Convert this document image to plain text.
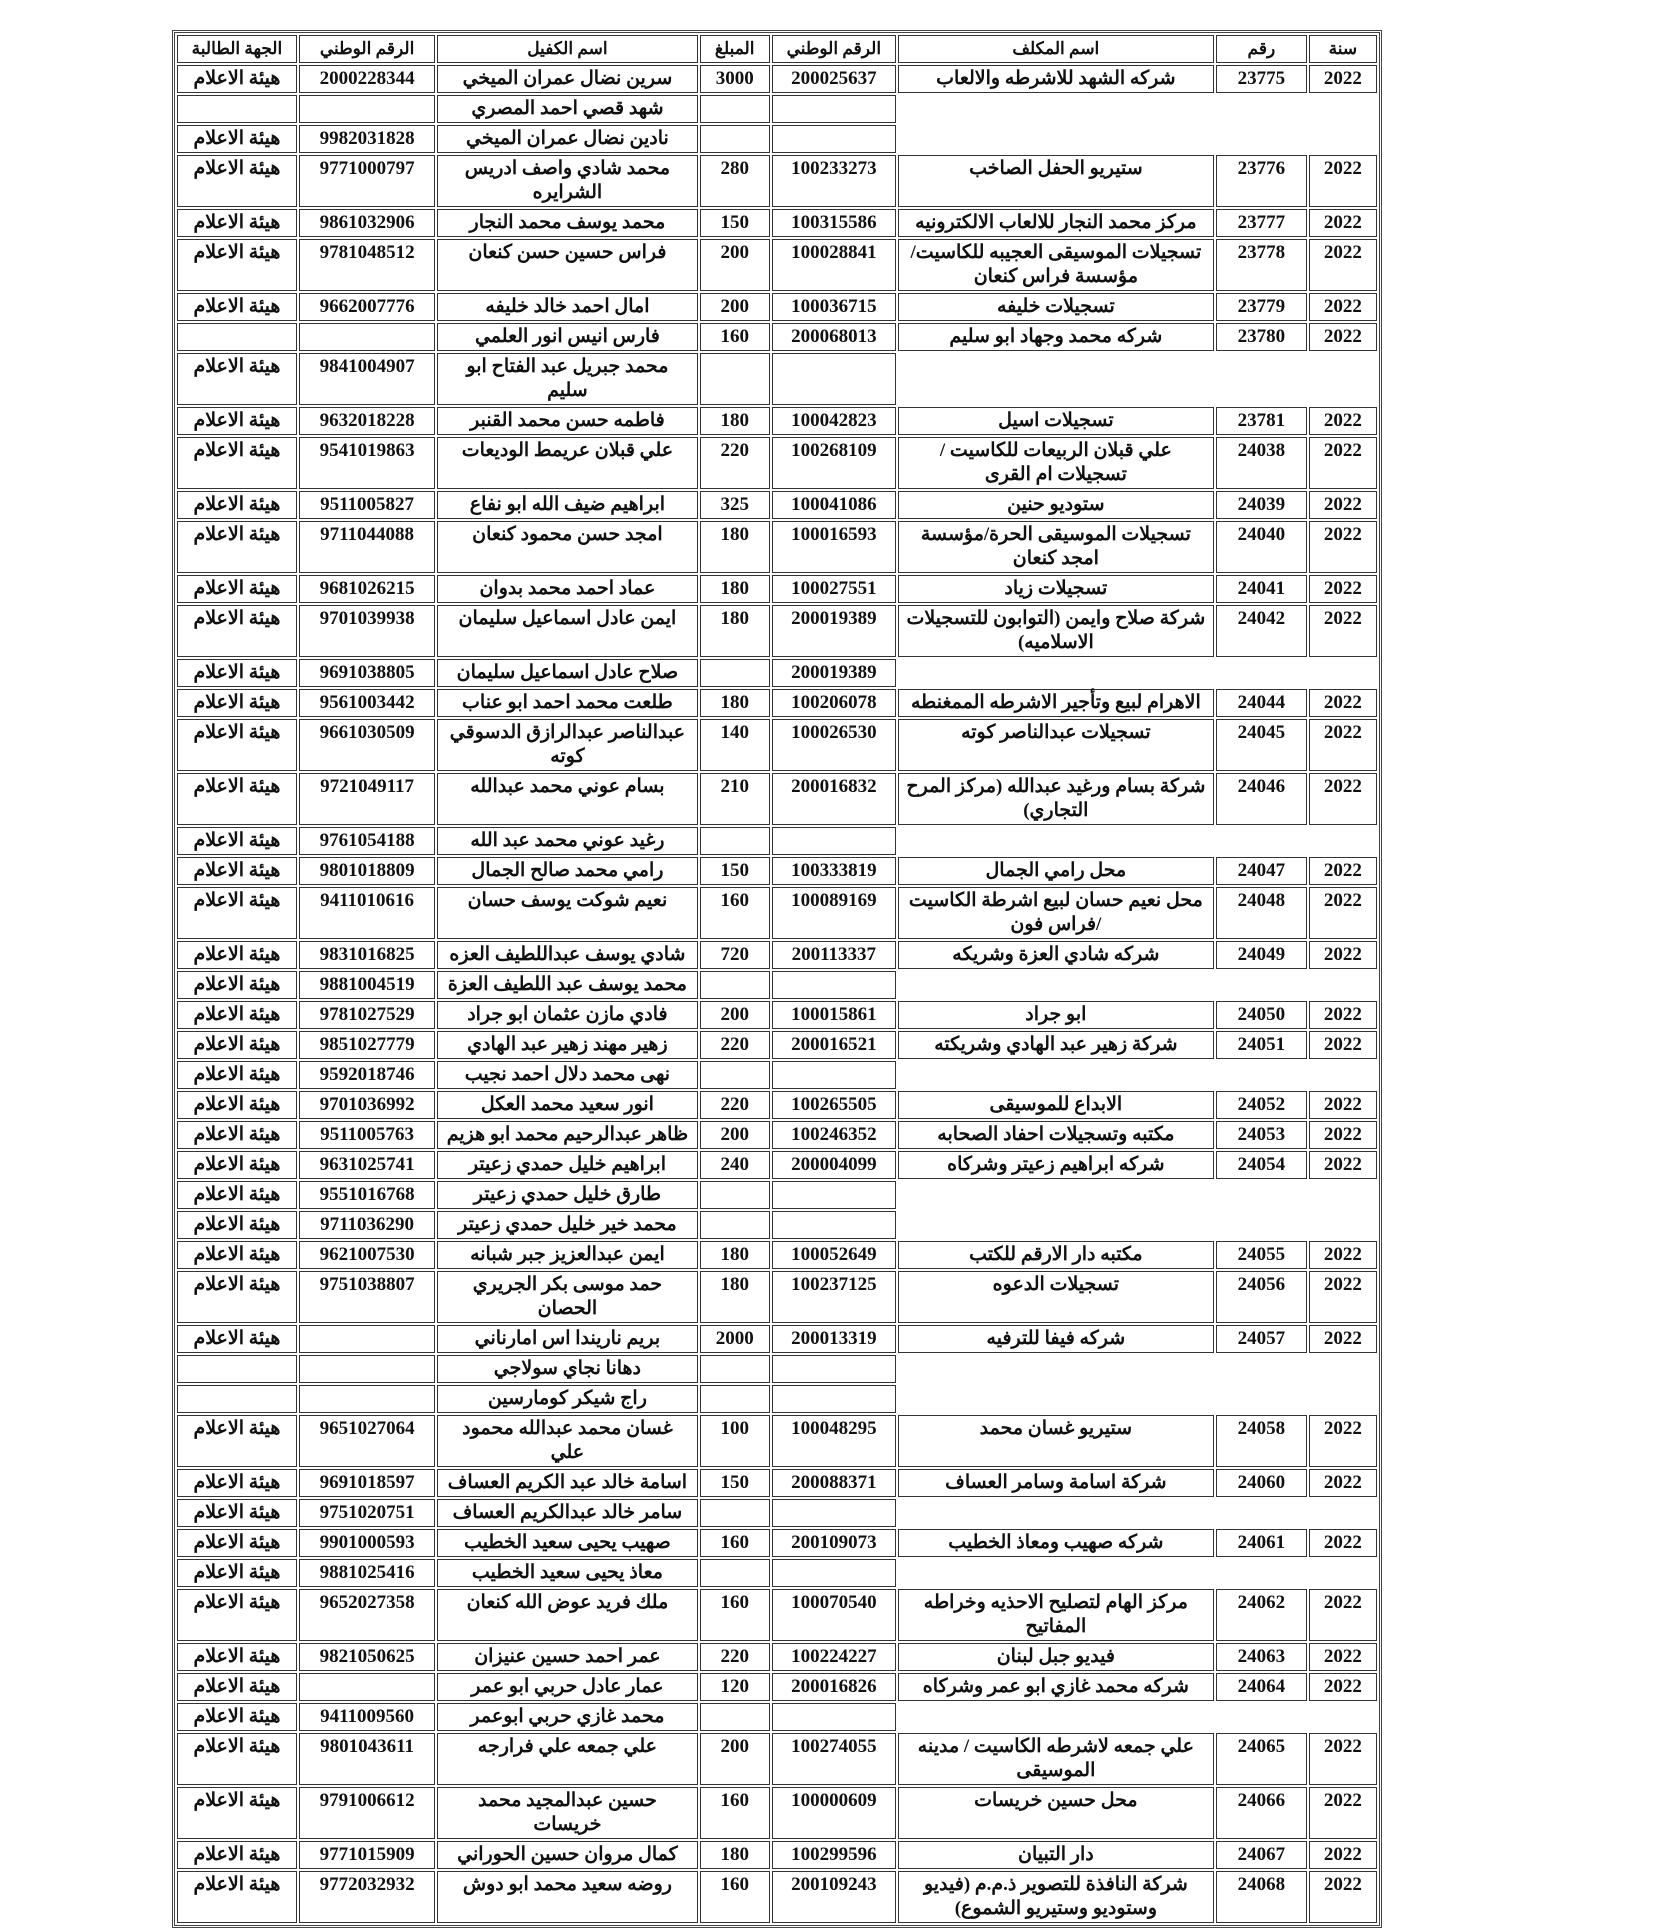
سنة	رقم	اسم المكلف	الرقم الوطني	المبلغ	اسم الكفيل	الرقم الوطني	الجهة الطالبة
2022	23775	شركه الشهد للاشرطه والالعاب	200025637	3000	سرين نضال عمران الميخي	2000228344	هيئة الاعلام
					شهد قصي احمد المصري		
					نادين نضال عمران الميخي	9982031828	هيئة الاعلام
2022	23776	ستيريو الحفل الصاخب	100233273	280	محمد شادي واصف ادريس الشرايره	9771000797	هيئة الاعلام
2022	23777	مركز محمد النجار للالعاب الالكترونيه	100315586	150	محمد يوسف محمد النجار	9861032906	هيئة الاعلام
2022	23778	تسجيلات الموسيقى العجيبه للكاسيت/مؤسسة فراس كنعان	100028841	200	فراس حسين حسن كنعان	9781048512	هيئة الاعلام
2022	23779	تسجيلات خليفه	100036715	200	امال احمد خالد خليفه	9662007776	هيئة الاعلام
2022	23780	شركه محمد وجهاد ابو سليم	200068013	160	فارس انيس انور العلمي		
					محمد جبريل عبد الفتاح ابو سليم	9841004907	هيئة الاعلام
2022	23781	تسجيلات اسيل	100042823	180	فاطمه حسن محمد القنبر	9632018228	هيئة الاعلام
2022	24038	علي قبلان الربيعات للكاسيت / تسجيلات ام القرى	100268109	220	علي قبلان عريمط الوديعات	9541019863	هيئة الاعلام
2022	24039	ستوديو حنين	100041086	325	ابراهيم ضيف الله ابو نفاع	9511005827	هيئة الاعلام
2022	24040	تسجيلات الموسيقى الحرة/مؤسسة امجد كنعان	100016593	180	امجد حسن محمود كنعان	9711044088	هيئة الاعلام
2022	24041	تسجيلات زياد	100027551	180	عماد احمد محمد بدوان	9681026215	هيئة الاعلام
2022	24042	شركة صلاح وايمن (التوابون للتسجيلات الاسلاميه)	200019389	180	ايمن عادل اسماعيل سليمان	9701039938	هيئة الاعلام
			200019389		صلاح عادل اسماعيل سليمان	9691038805	هيئة الاعلام
2022	24044	الاهرام لبيع وتأجير الاشرطه الممغنطه	100206078	180	طلعت محمد احمد ابو عناب	9561003442	هيئة الاعلام
2022	24045	تسجيلات عبدالناصر كوته	100026530	140	عبدالناصر عبدالرازق الدسوقي كوته	9661030509	هيئة الاعلام
2022	24046	شركة بسام ورغيد عبدالله (مركز المرح التجاري)	200016832	210	بسام عوني محمد عبدالله	9721049117	هيئة الاعلام
					رغيد عوني محمد عبد الله	9761054188	هيئة الاعلام
2022	24047	محل رامي الجمال	100333819	150	رامي محمد صالح الجمال	9801018809	هيئة الاعلام
2022	24048	محل نعيم حسان لبيع اشرطة الكاسيت /فراس فون	100089169	160	نعيم شوكت يوسف حسان	9411010616	هيئة الاعلام
2022	24049	شركه شادي العزة وشريكه	200113337	720	شادي يوسف عبداللطيف العزه	9831016825	هيئة الاعلام
					محمد يوسف عبد اللطيف العزة	9881004519	هيئة الاعلام
2022	24050	ابو جراد	100015861	200	فادي مازن عثمان ابو جراد	9781027529	هيئة الاعلام
2022	24051	شركة زهير عبد الهادي وشريكته	200016521	220	زهير مهند زهير عبد الهادي	9851027779	هيئة الاعلام
					نهى محمد دلال احمد نجيب	9592018746	هيئة الاعلام
2022	24052	الابداع للموسيقى	100265505	220	انور سعيد محمد العكل	9701036992	هيئة الاعلام
2022	24053	مكتبه وتسجيلات احفاد الصحابه	100246352	200	ظاهر عبدالرحيم محمد ابو هزيم	9511005763	هيئة الاعلام
2022	24054	شركه ابراهيم زعيتر وشركاه	200004099	240	ابراهيم خليل حمدي زعيتر	9631025741	هيئة الاعلام
					طارق خليل حمدي زعيتر	9551016768	هيئة الاعلام
					محمد خير خليل حمدي زعيتر	9711036290	هيئة الاعلام
2022	24055	مكتبه دار الارقم للكتب	100052649	180	ايمن عبدالعزيز جبر شبانه	9621007530	هيئة الاعلام
2022	24056	تسجيلات الدعوه	100237125	180	حمد موسى بكر الجريري الحصان	9751038807	هيئة الاعلام
2022	24057	شركه فيفا للترفيه	200013319	2000	بريم ناريندا اس امارناني		هيئة الاعلام
					دهانا نجاي سولاجي		
					راج شيكر كومارسين		
2022	24058	ستيريو غسان محمد	100048295	100	غسان محمد عبدالله محمود علي	9651027064	هيئة الاعلام
2022	24060	شركة اسامة وسامر العساف	200088371	150	اسامة خالد عبد الكريم العساف	9691018597	هيئة الاعلام
					سامر خالد عبدالكريم العساف	9751020751	هيئة الاعلام
2022	24061	شركه صهيب ومعاذ الخطيب	200109073	160	صهيب يحيى سعيد الخطيب	9901000593	هيئة الاعلام
					معاذ يحيى سعيد الخطيب	9881025416	هيئة الاعلام
2022	24062	مركز الهام لتصليح الاحذيه وخراطه المفاتيح	100070540	160	ملك فريد عوض الله كنعان	9652027358	هيئة الاعلام
2022	24063	فيديو جبل لبنان	100224227	220	عمر احمد حسين عنيزان	9821050625	هيئة الاعلام
2022	24064	شركه محمد غازي ابو عمر وشركاه	200016826	120	عمار عادل حربي ابو عمر		هيئة الاعلام
					محمد غازي حربي ابوعمر	9411009560	هيئة الاعلام
2022	24065	علي جمعه لاشرطه الكاسيت / مدينه الموسيقى	100274055	200	علي جمعه علي فرارجه	9801043611	هيئة الاعلام
2022	24066	محل حسين خريسات	100000609	160	حسين عبدالمجيد محمد خريسات	9791006612	هيئة الاعلام
2022	24067	دار التبيان	100299596	180	كمال مروان حسين الحوراني	9771015909	هيئة الاعلام
2022	24068	شركة النافذة للتصوير ذ.م.م (فيديو وستوديو وستيريو الشموع)	200109243	160	روضه سعيد محمد ابو دوش	9772032932	هيئة الاعلام
